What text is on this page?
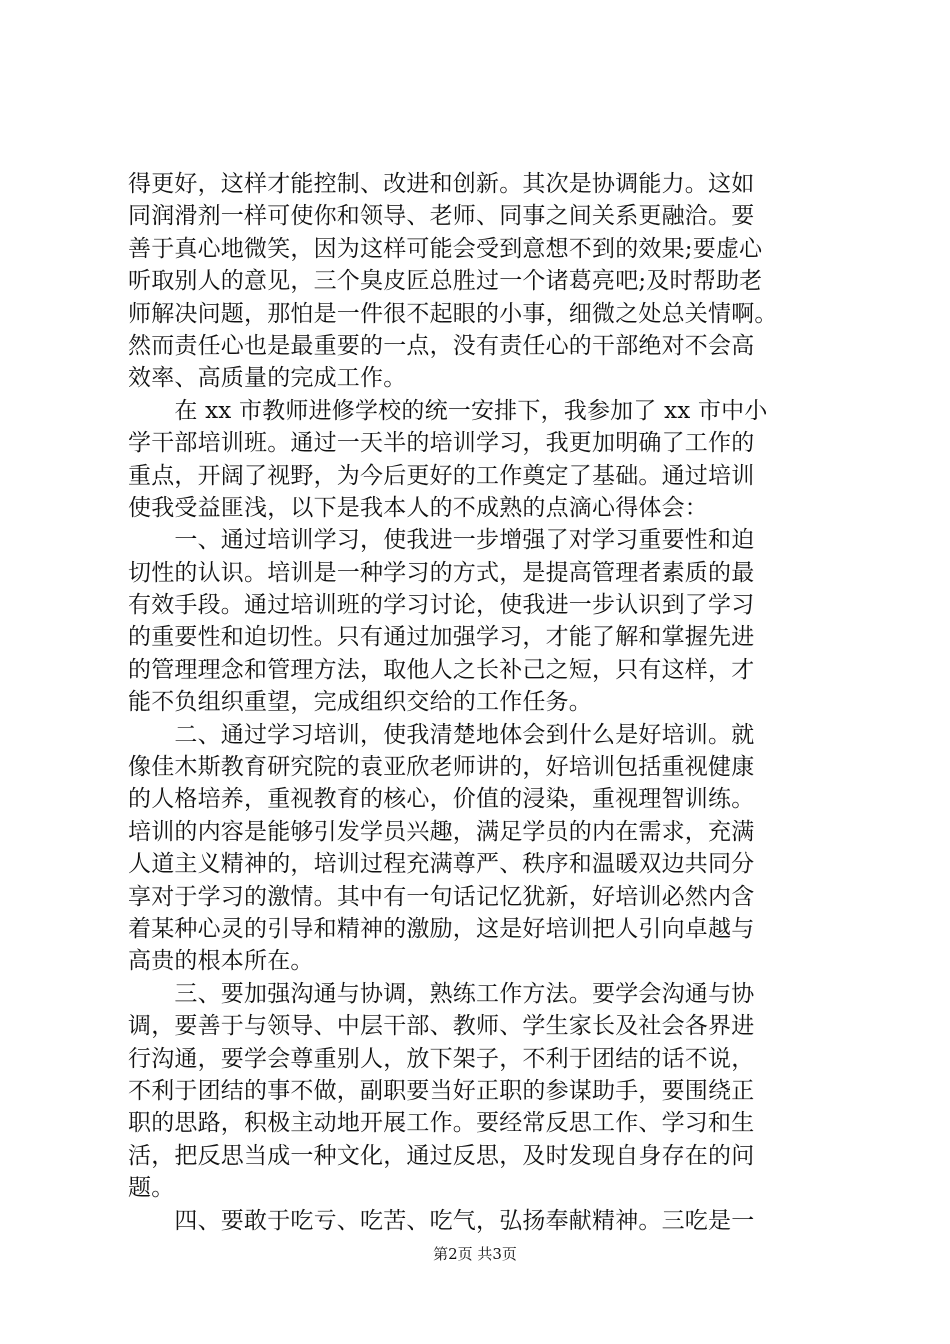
得更好，这样才能控制、改进和创新。其次是协调能力。这如
同润滑剂一样可使你和领导、老师、同事之间关系更融洽。要
善于真心地微笑，因为这样可能会受到意想不到的效果;要虚心
听取别人的意见，三个臭皮匠总胜过一个诸葛亮吧;及时帮助老
师解决问题，那怕是一件很不起眼的小事，细微之处总关情啊。
然而责任心也是最重要的一点，没有责任心的干部绝对不会高
效率、高质量的完成工作。
　　在 xx 市教师进修学校的统一安排下，我参加了 xx 市中小
学干部培训班。通过一天半的培训学习，我更加明确了工作的
重点，开阔了视野，为今后更好的工作奠定了基础。通过培训
使我受益匪浅，以下是我本人的不成熟的点滴心得体会：
　　一、通过培训学习，使我进一步增强了对学习重要性和迫
切性的认识。培训是一种学习的方式，是提高管理者素质的最
有效手段。通过培训班的学习讨论，使我进一步认识到了学习
的重要性和迫切性。只有通过加强学习，才能了解和掌握先进
的管理理念和管理方法，取他人之长补己之短，只有这样，才
能不负组织重望，完成组织交给的工作任务。
　　二、通过学习培训，使我清楚地体会到什么是好培训。就
像佳木斯教育研究院的袁亚欣老师讲的，好培训包括重视健康
的人格培养，重视教育的核心，价值的浸染，重视理智训练。
培训的内容是能够引发学员兴趣，满足学员的内在需求，充满
人道主义精神的，培训过程充满尊严、秩序和温暖双边共同分
享对于学习的激情。其中有一句话记忆犹新，好培训必然内含
着某种心灵的引导和精神的激励，这是好培训把人引向卓越与
高贵的根本所在。
　　三、要加强沟通与协调，熟练工作方法。要学会沟通与协
调，要善于与领导、中层干部、教师、学生家长及社会各界进
行沟通，要学会尊重别人，放下架子，不利于团结的话不说，
不利于团结的事不做，副职要当好正职的参谋助手，要围绕正
职的思路，积极主动地开展工作。要经常反思工作、学习和生
活，把反思当成一种文化，通过反思，及时发现自身存在的问
题。
　　四、要敢于吃亏、吃苦、吃气，弘扬奉献精神。三吃是一
第2页 共3页
